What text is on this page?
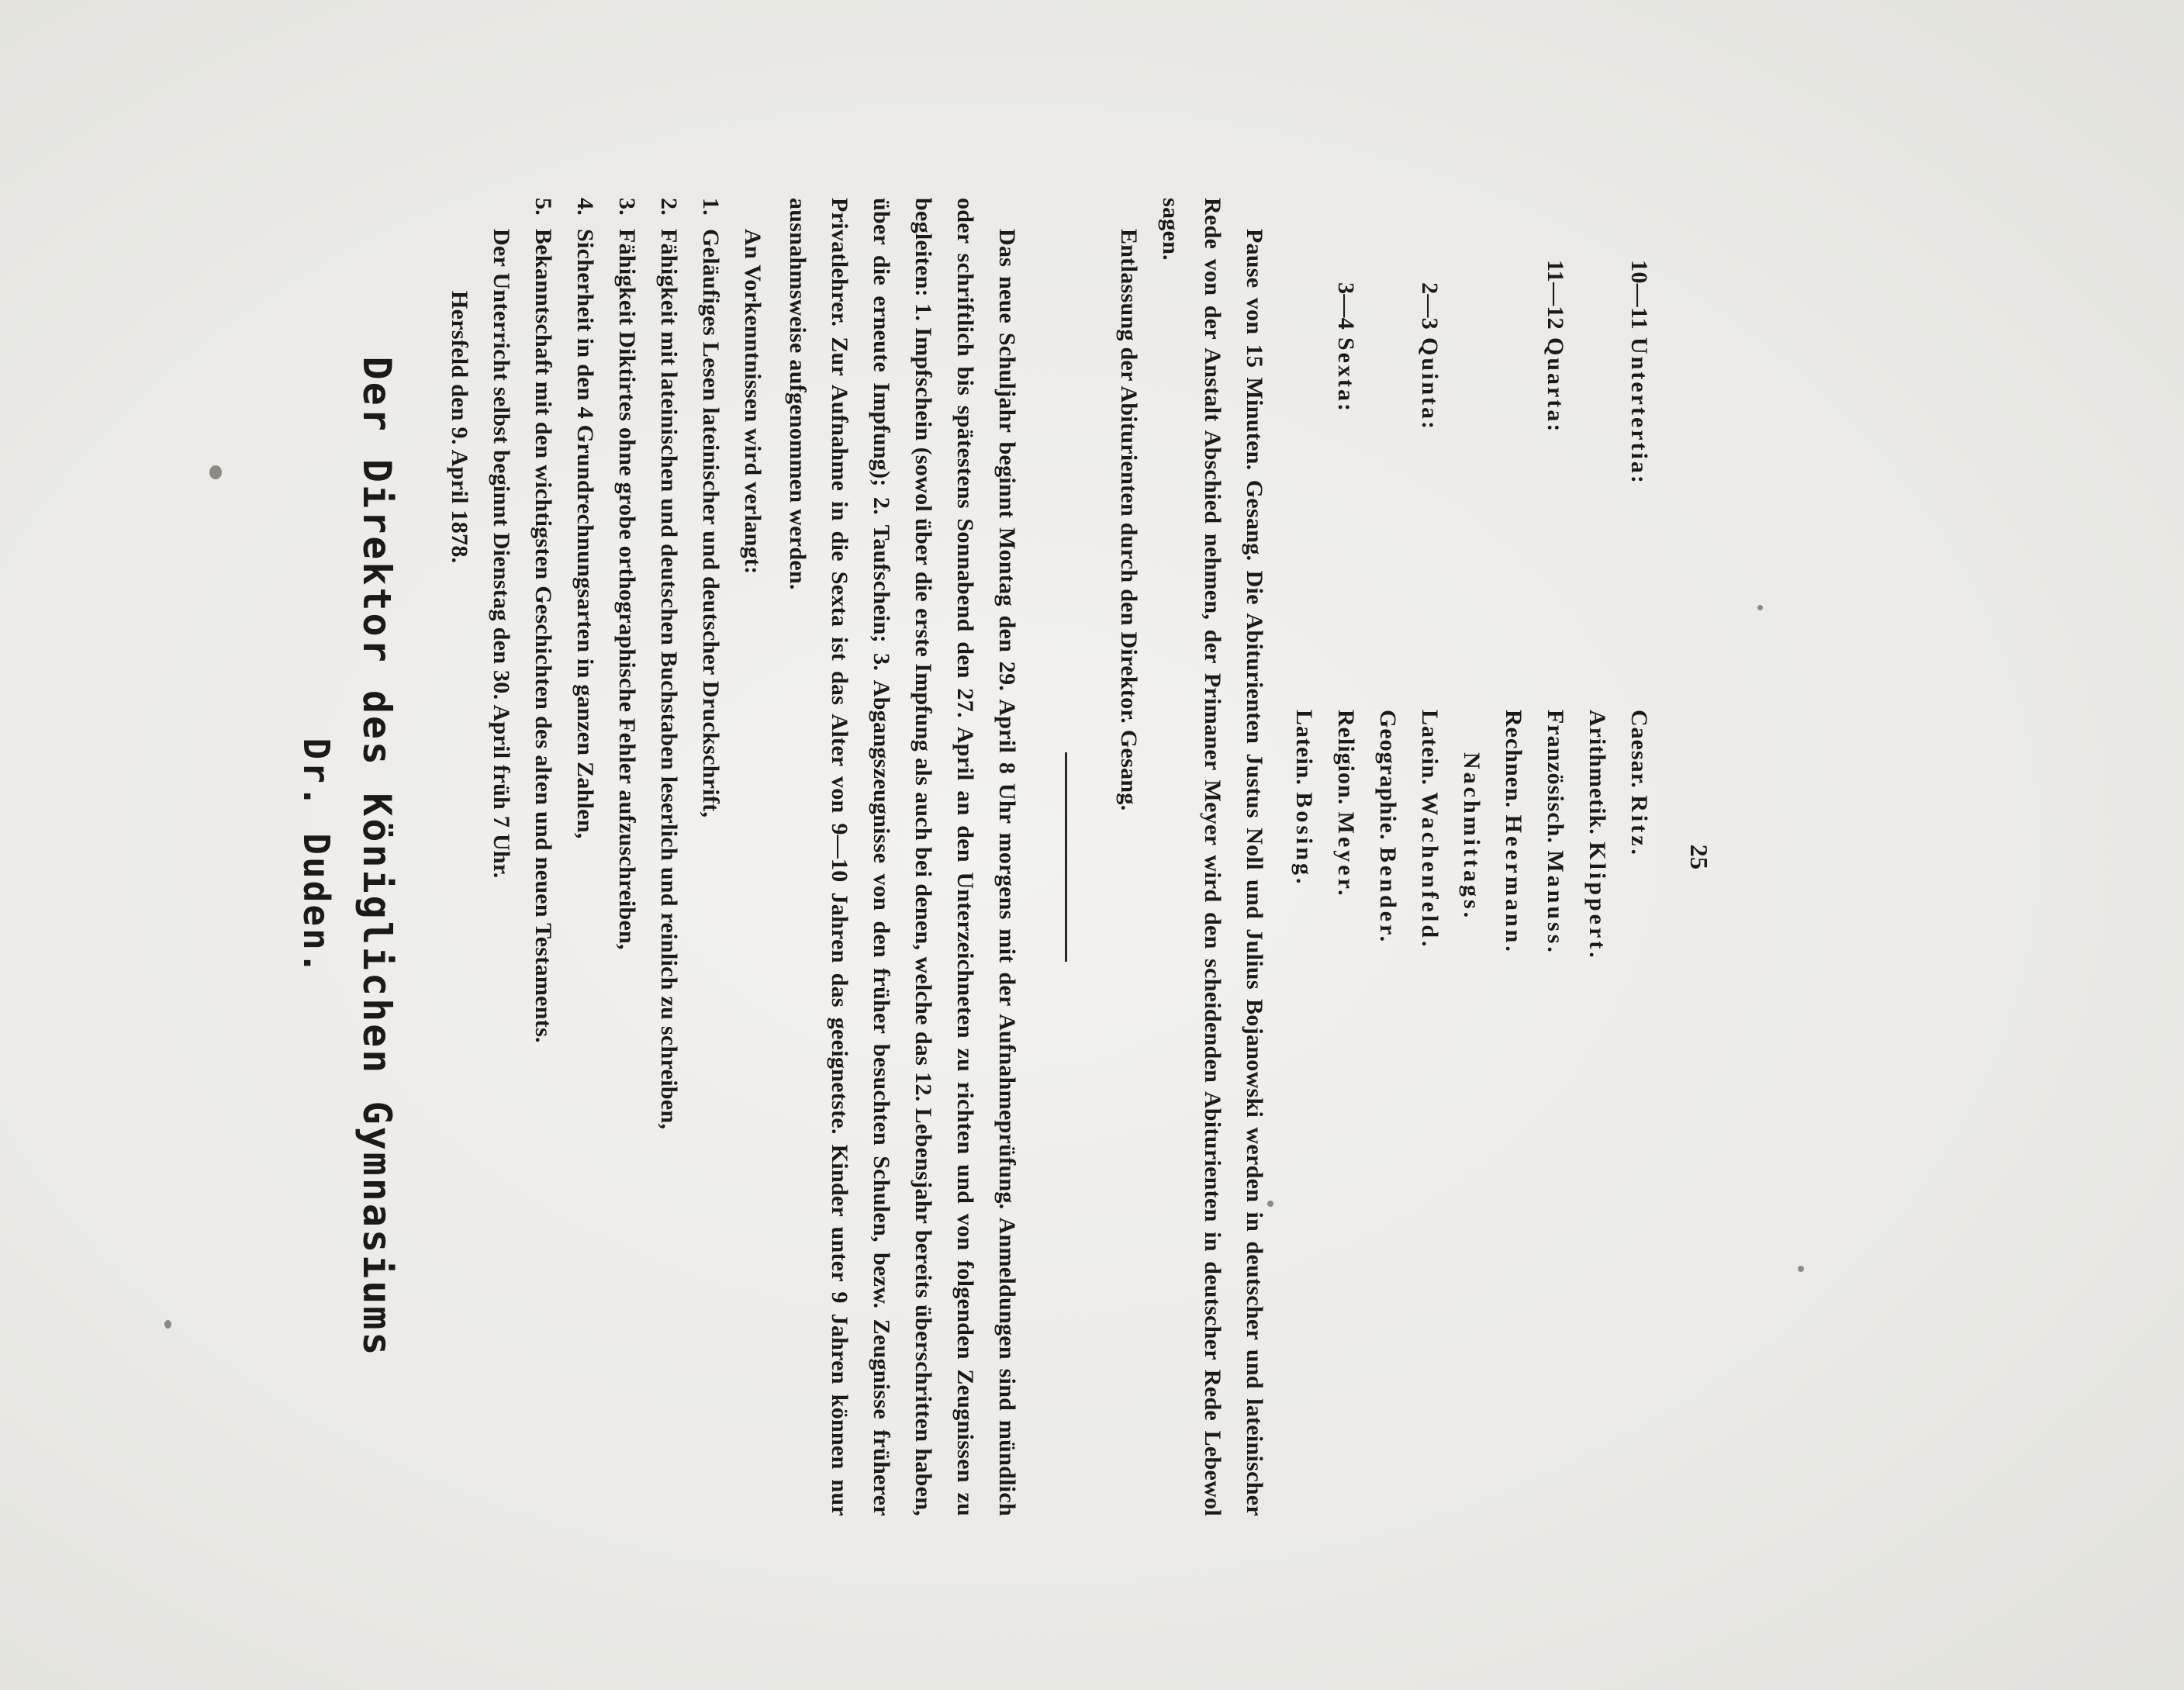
25
10—11
Untertertia:
Caesar. Ritz.
Arithmetik. Klippert.
11—12
Quarta:
Französisch. Manuss.
Rechnen. Heermann.
Nachmittags.
2—3
Quinta:
Latein. Wachenfeld.
Geographie. Bender.
3—4
Sexta:
Religion. Meyer.
Latein. Bosing.

Pause von 15 Minuten. Gesang. Die Abiturienten Justus Noll und Julius Bojanowski werden in deutscher und lateinischer Rede von der Anstalt Abschied nehmen, der Primaner Meyer wird den scheidenden Abiturienten in deutscher Rede Lebewol sagen.

Entlassung der Abiturienten durch den Direktor. Gesang.

Das neue Schuljahr beginnt Montag den 29. April 8 Uhr morgens mit der Aufnahmeprüfung. Anmeldungen sind mündlich oder schriftlich bis spätestens Sonnabend den 27. April an den Unterzeichneten zu richten und von folgenden Zeugnissen zu begleiten: 1. Impfschein (sowol über die erste Impfung als auch bei denen, welche das 12. Lebensjahr bereits überschritten haben, über die erneute Impfung); 2. Taufschein; 3. Abgangszeugnisse von den früher besuchten Schulen, bezw. Zeugnisse früherer Privatlehrer. Zur Aufnahme in die Sexta ist das Alter von 9—10 Jahren das geeignetste. Kinder unter 9 Jahren können nur ausnahmsweise aufgenommen werden.

An Vorkenntnissen wird verlangt:

1.
Geläufiges Lesen lateinischer und deutscher Druckschrift,
2.
Fähigkeit mit lateinischen und deutschen Buchstaben leserlich und reinlich zu schreiben,
3.
Fähigkeit Diktirtes ohne grobe orthographische Fehler aufzuschreiben,
4.
Sicherheit in den 4 Grundrechnungsarten in ganzen Zahlen,
5.
Bekanntschaft mit den wichtigsten Geschichten des alten und neuen Testaments.

Der Unterricht selbst beginnt Dienstag den 30. April früh 7 Uhr.

Hersfeld den 9. April 1878.

Der Direktor des Königlichen Gymnasiums
Dr. Duden.
